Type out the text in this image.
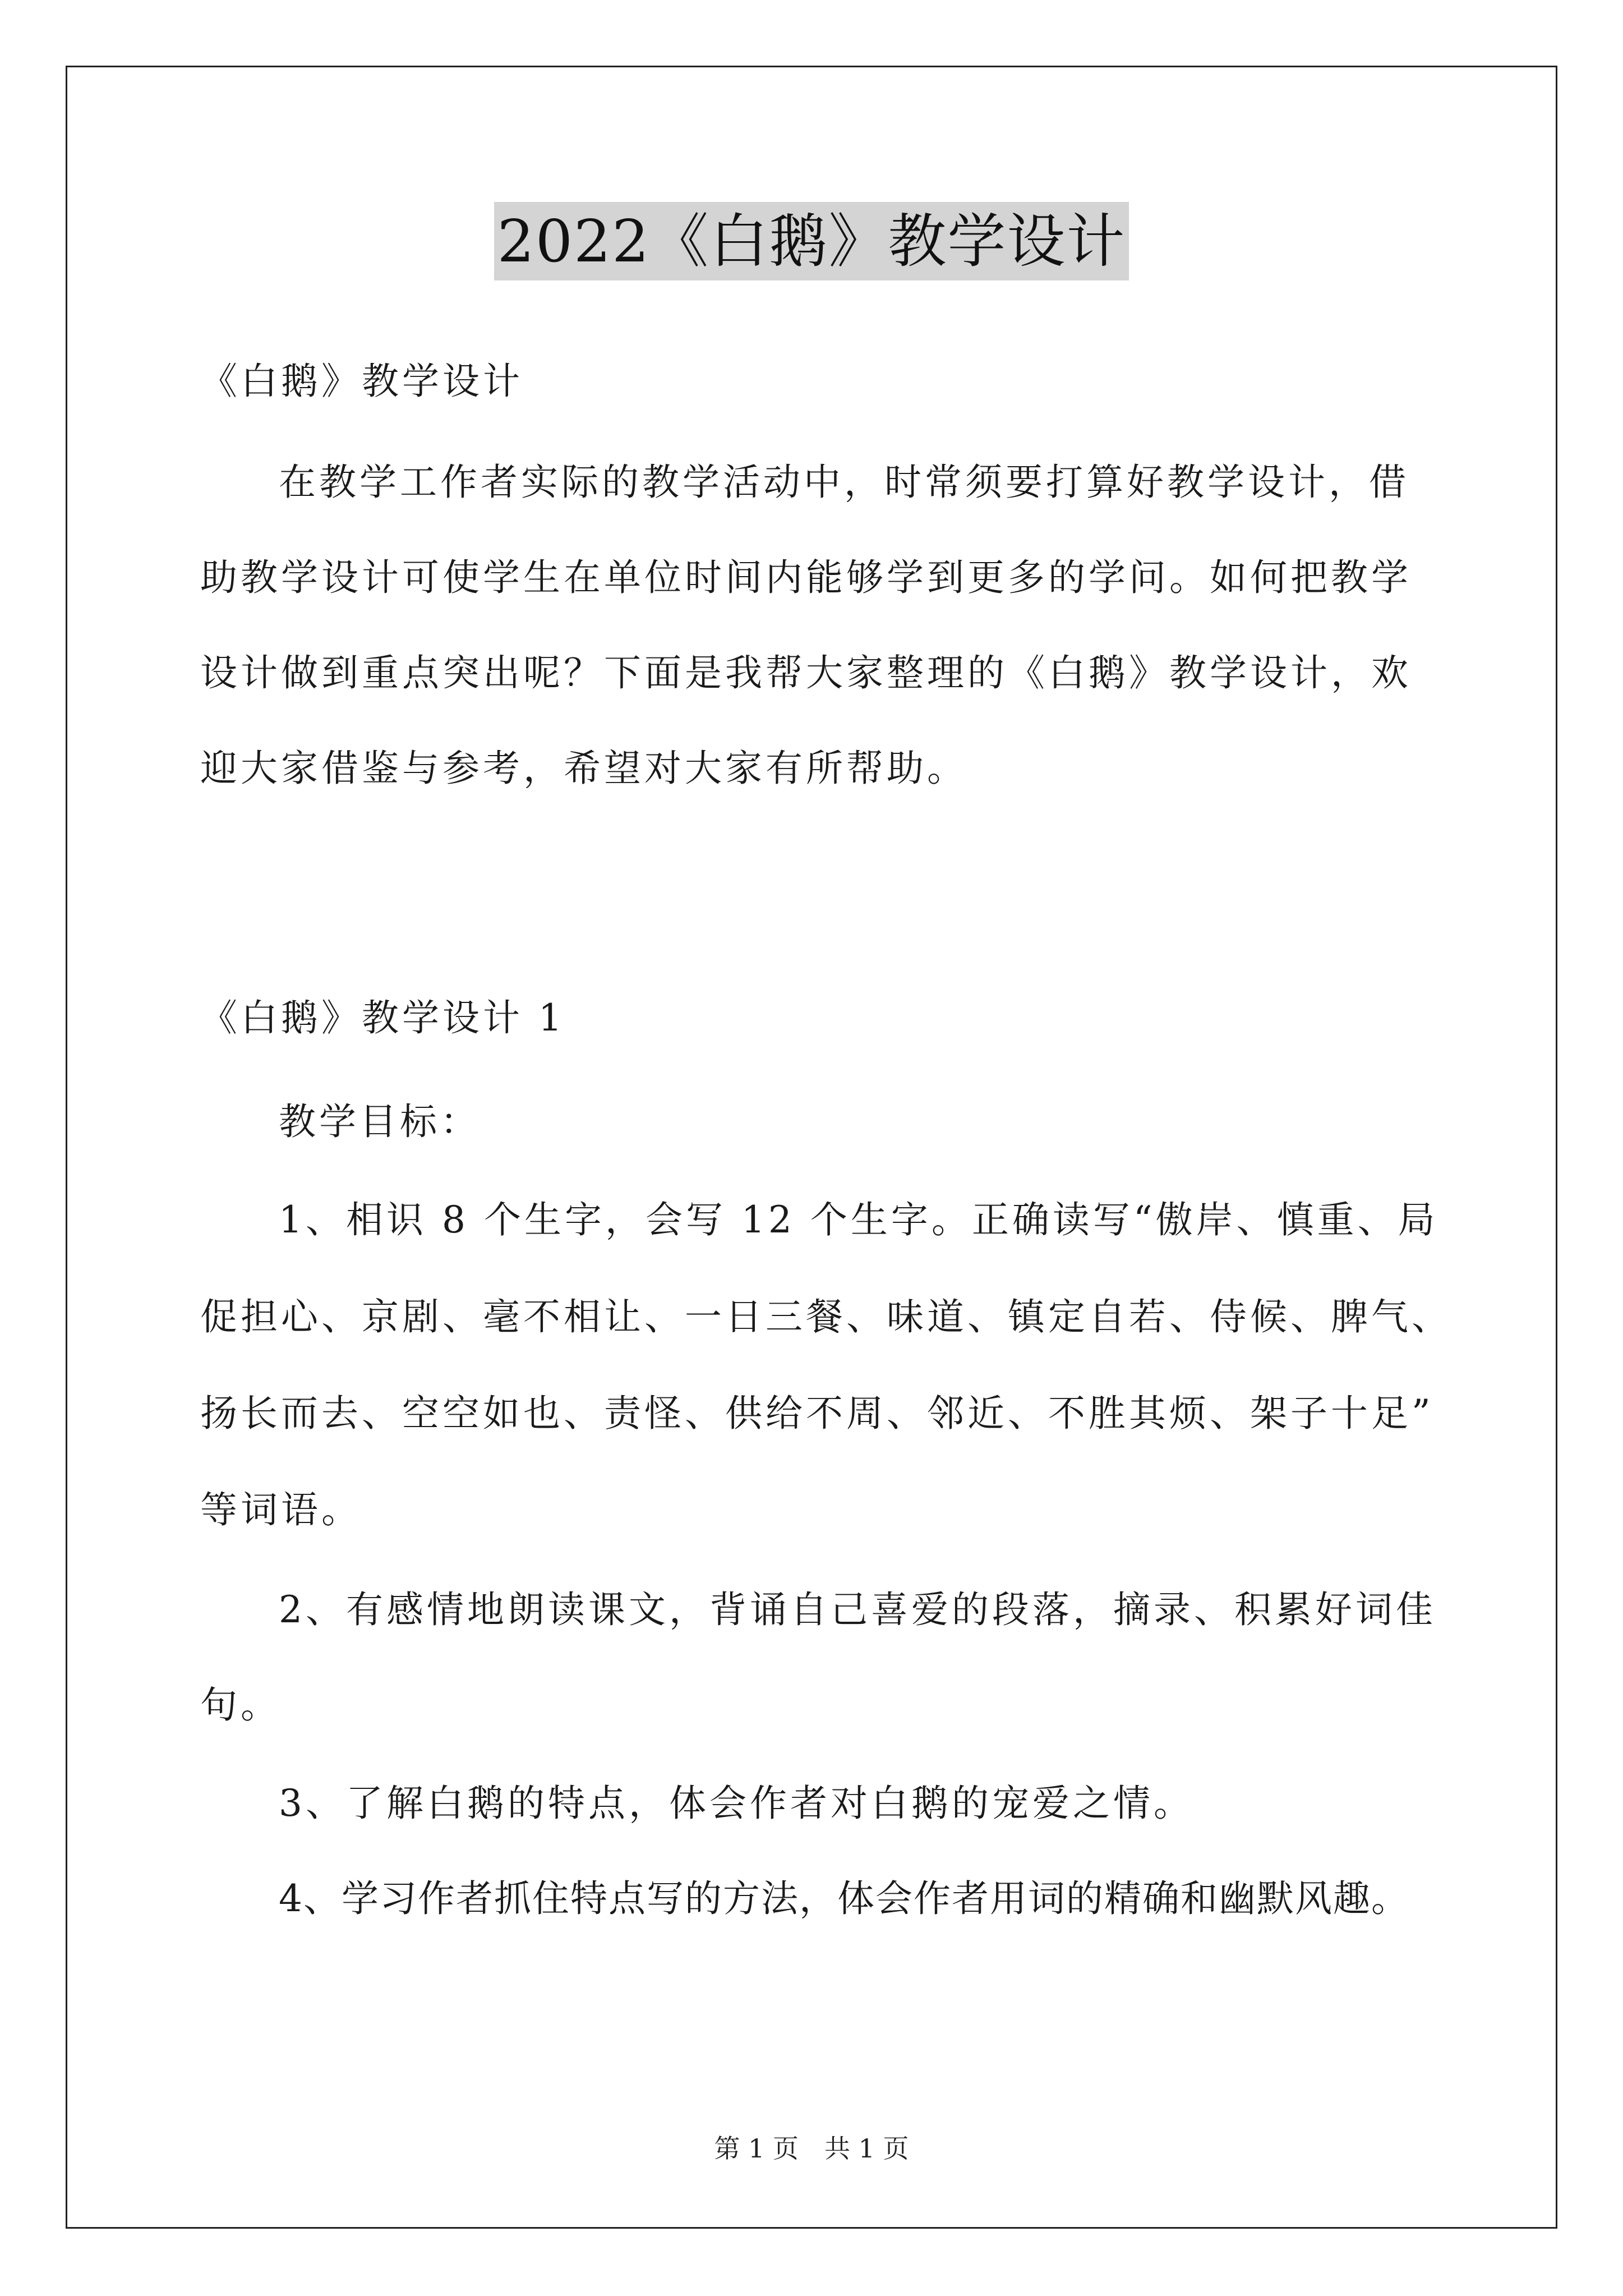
2022《白鹅》教学设计
《白鹅》教学设计
在教学工作者实际的教学活动中，时常须要打算好教学设计，借
助教学设计可使学生在单位时间内能够学到更多的学问。如何把教学
设计做到重点突出呢？下面是我帮大家整理的《白鹅》教学设计，欢
迎大家借鉴与参考，希望对大家有所帮助。
《白鹅》教学设计 1
教学目标：
1、相识 8 个生字，会写 12 个生字。正确读写“傲岸、慎重、局
促担心、京剧、毫不相让、一日三餐、味道、镇定自若、侍候、脾气、
扬长而去、空空如也、责怪、供给不周、邻近、不胜其烦、架子十足”
等词语。
2、有感情地朗读课文，背诵自己喜爱的段落，摘录、积累好词佳
句。
3、了解白鹅的特点，体会作者对白鹅的宠爱之情。
4、学习作者抓住特点写的方法，体会作者用词的精确和幽默风趣。
第 1 页　共 1 页
